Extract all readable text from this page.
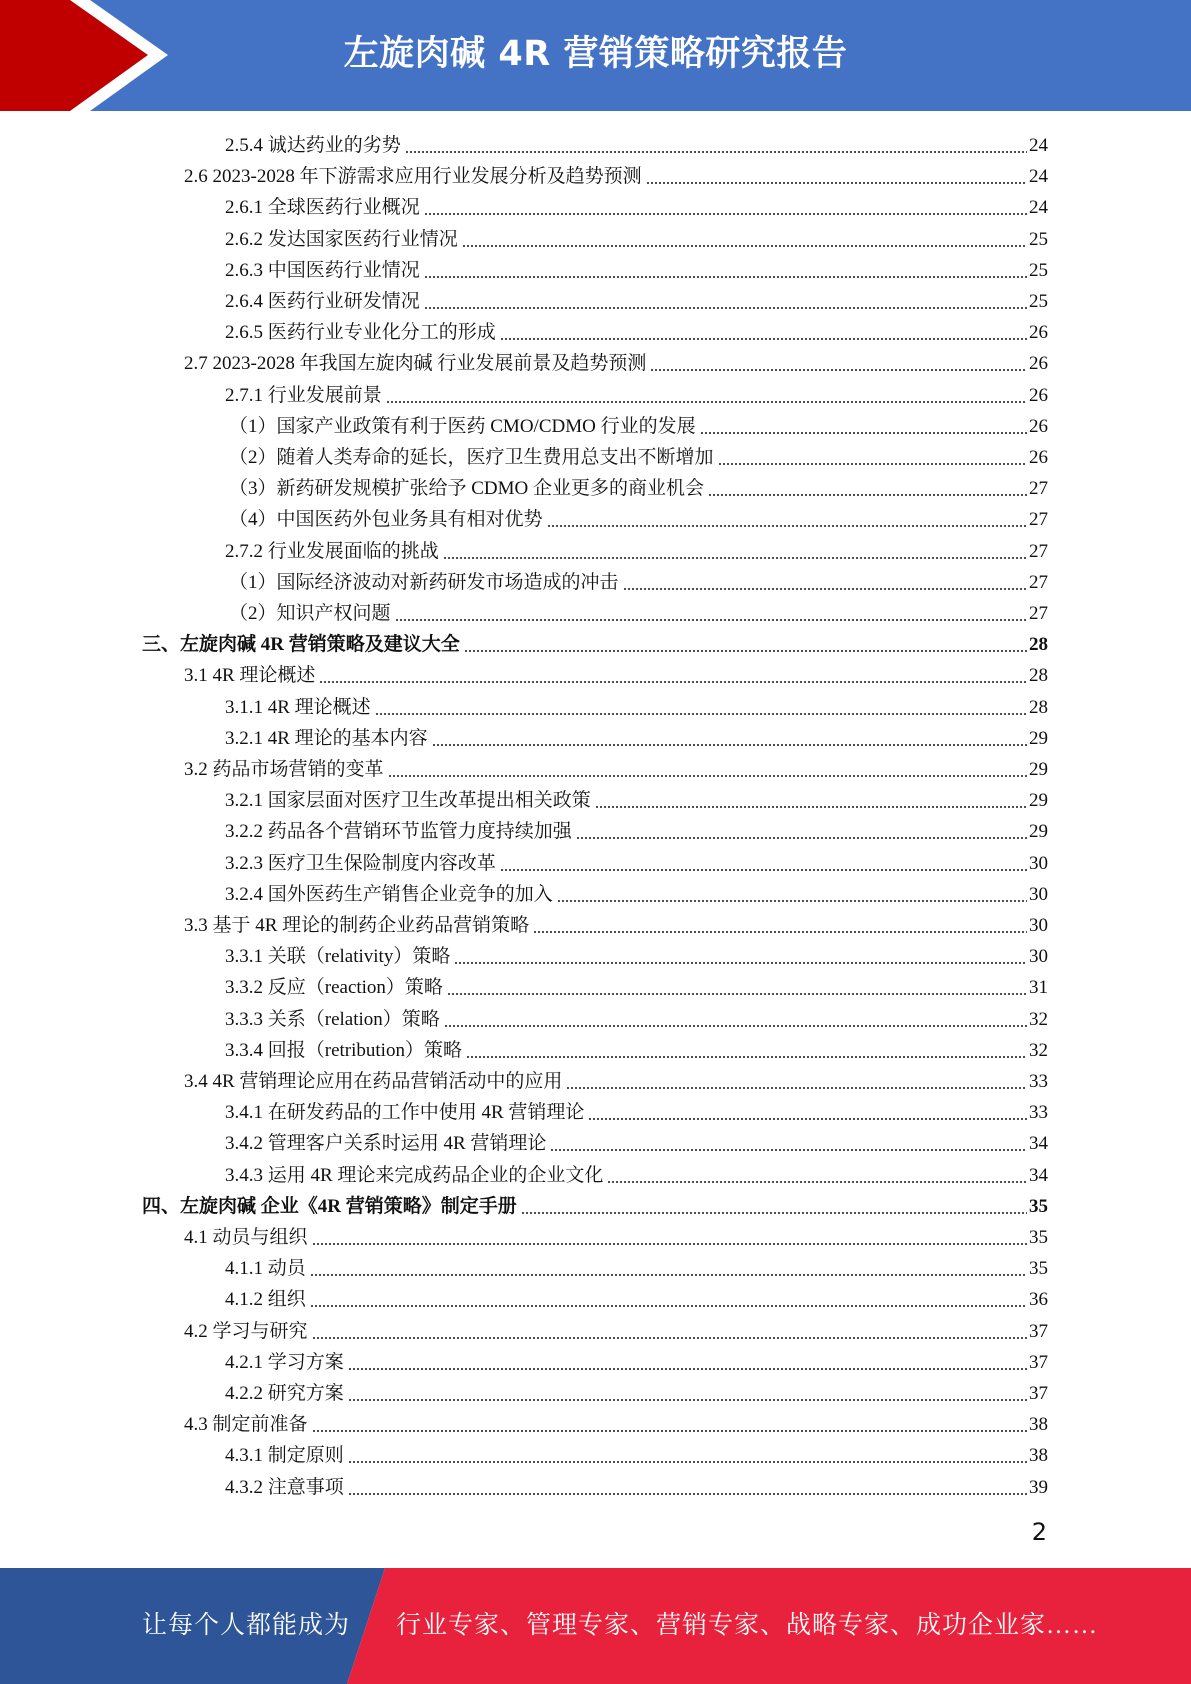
左旋肉碱 4R 营销策略研究报告
2.5.4 诚达药业的劣势	24
2.6 2023-2028 年下游需求应用行业发展分析及趋势预测	24
2.6.1 全球医药行业概况	24
2.6.2 发达国家医药行业情况	25
2.6.3 中国医药行业情况	25
2.6.4 医药行业研发情况	25
2.6.5 医药行业专业化分工的形成	26
2.7 2023-2028 年我国左旋肉碱 行业发展前景及趋势预测	26
2.7.1 行业发展前景	26
（1）国家产业政策有利于医药 CMO/CDMO 行业的发展	26
（2）随着人类寿命的延长，医疗卫生费用总支出不断增加	26
（3）新药研发规模扩张给予 CDMO 企业更多的商业机会	27
（4）中国医药外包业务具有相对优势	27
2.7.2 行业发展面临的挑战	27
（1）国际经济波动对新药研发市场造成的冲击	27
（2）知识产权问题	27
三、左旋肉碱 4R 营销策略及建议大全	28
3.1 4R 理论概述	28
3.1.1 4R 理论概述	28
3.2.1 4R 理论的基本内容	29
3.2 药品市场营销的变革	29
3.2.1 国家层面对医疗卫生改革提出相关政策	29
3.2.2 药品各个营销环节监管力度持续加强	29
3.2.3 医疗卫生保险制度内容改革	30
3.2.4 国外医药生产销售企业竞争的加入	30
3.3 基于 4R 理论的制药企业药品营销策略	30
3.3.1 关联（relativity）策略	30
3.3.2 反应（reaction）策略	31
3.3.3 关系（relation）策略	32
3.3.4 回报（retribution）策略	32
3.4 4R 营销理论应用在药品营销活动中的应用	33
3.4.1 在研发药品的工作中使用 4R 营销理论	33
3.4.2 管理客户关系时运用 4R 营销理论	34
3.4.3 运用 4R 理论来完成药品企业的企业文化	34
四、左旋肉碱 企业《4R 营销策略》制定手册	35
4.1 动员与组织	35
4.1.1 动员	35
4.1.2 组织	36
4.2 学习与研究	37
4.2.1 学习方案	37
4.2.2 研究方案	37
4.3 制定前准备	38
4.3.1 制定原则	38
4.3.2 注意事项	39
2
让每个人都能成为 行业专家、管理专家、营销专家、战略专家、成功企业家……
